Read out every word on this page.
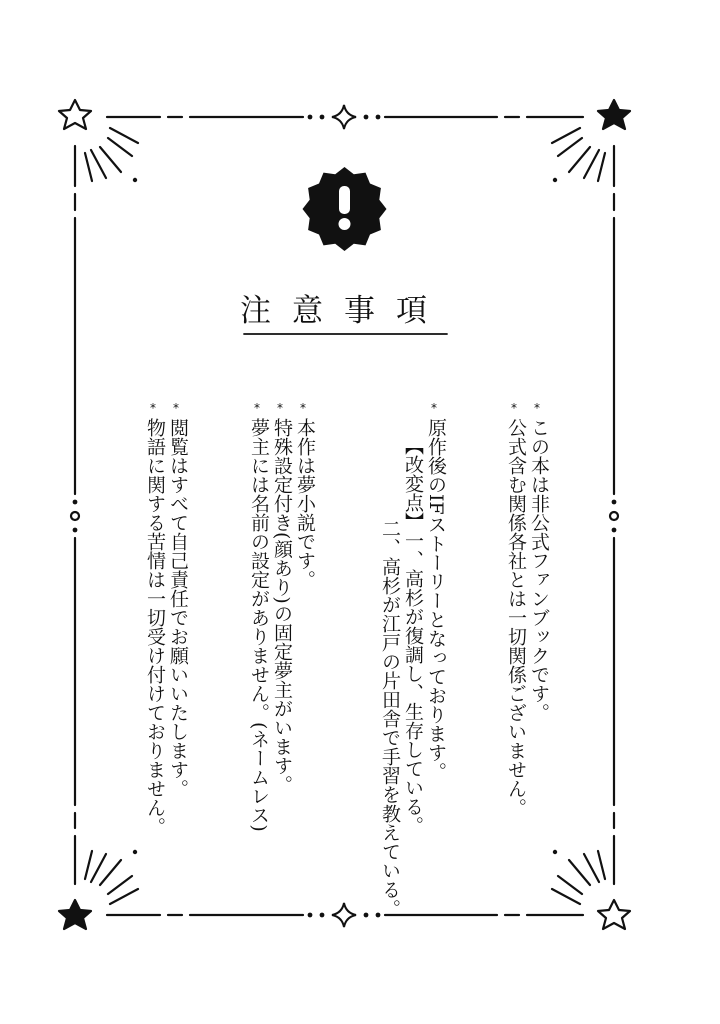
注意事項
この本は非公式ファンブックです。
*
公式含む関係各社とは一切関係ございません。
*
原作後のIFストーリーとなっております。
*
【改変点】一、高杉が復調し、生存している。
二、高杉が江戸の片田舎で手習を教えている。
本作は夢小説です。
*
特殊設定付き(顔あり)の固定夢主がいます。
*
夢主には名前の設定がありません。(ネームレス)
*
閲覧はすべて自己責任でお願いいたします。
*
物語に関する苦情は一切受け付けておりません。
*
